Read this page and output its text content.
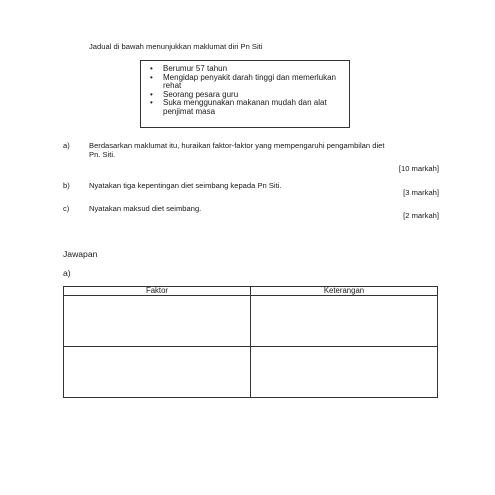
Jadual di bawah menunjukkan maklumat diri Pn Siti
• Berumur 57 tahun
• Mengidap penyakit darah tinggi dan memerlukan rehat
• Seorang pesara guru
• Suka menggunakan makanan mudah dan alat penjimat masa
a)	Berdasarkan maklumat itu, huraikan faktor-faktor yang mempengaruhi pengambilan diet Pn. Siti.
[10 markah]
b)	Nyatakan tiga kepentingan diet seimbang kepada Pn Siti.
[3 markah]
c)	Nyatakan maksud diet seimbang.
[2 markah]
Jawapan
a)
Faktor	Keterangan
